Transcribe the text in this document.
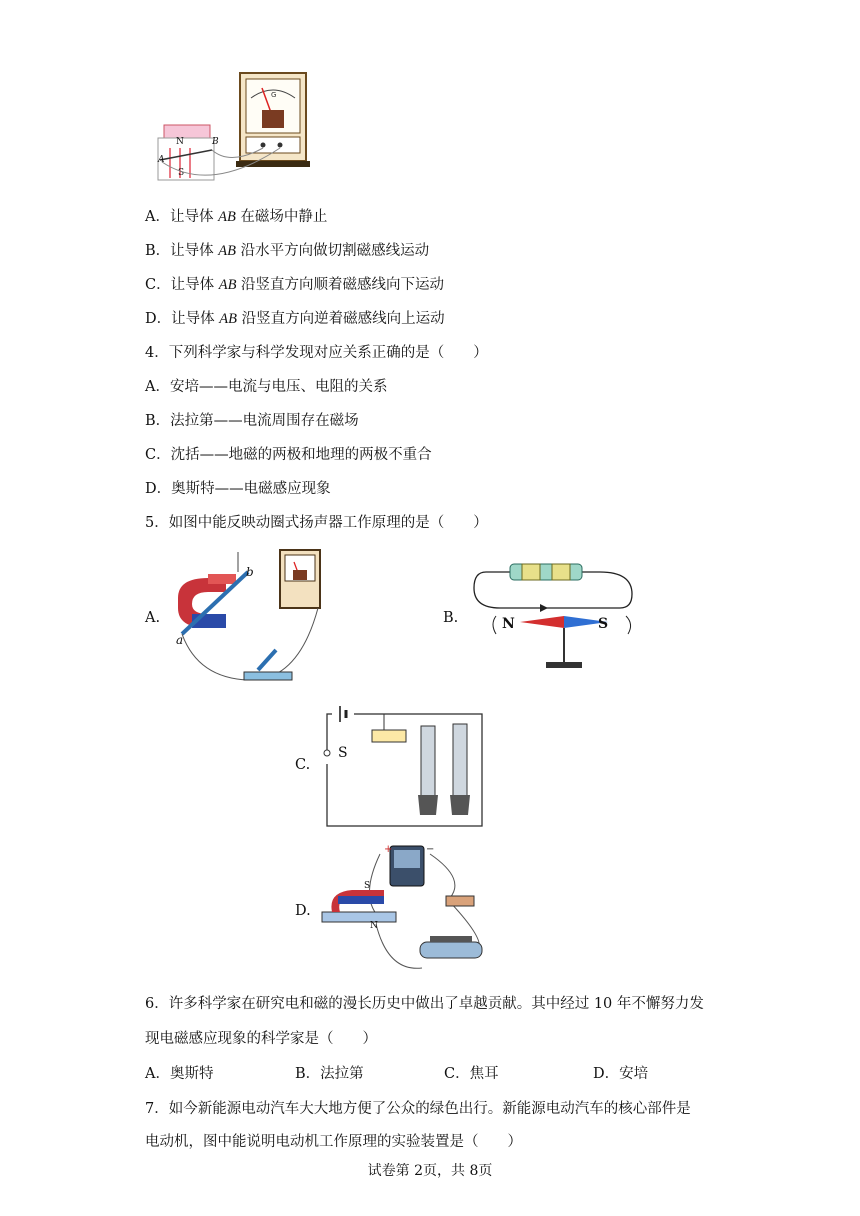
G
N
S
A
B
A．让导体 AB 在磁场中静止
B．让导体 AB 沿水平方向做切割磁感线运动
C．让导体 AB 沿竖直方向顺着磁感线向下运动
D．让导体 AB 沿竖直方向逆着磁感线向上运动
4．下列科学家与科学发现对应关系正确的是（　　）
A．安培——电流与电压、电阻的关系
B．法拉第——电流周围存在磁场
C．沈括——地磁的两极和地理的两极不重合
D．奥斯特——电磁感应现象
5．如图中能反映动圈式扬声器工作原理的是（　　）
A.
a
b
B.	N	S
C.
S
D.
+	−
S
N
6．许多科学家在研究电和磁的漫长历史中做出了卓越贡献。其中经过 10 年不懈努力发
现电磁感应现象的科学家是（　　）
A．奥斯特	B．法拉第	C．焦耳	D．安培
7．如今新能源电动汽车大大地方便了公众的绿色出行。新能源电动汽车的核心部件是
电动机，图中能说明电动机工作原理的实验装置是（　　）
试卷第 2页，共 8页
